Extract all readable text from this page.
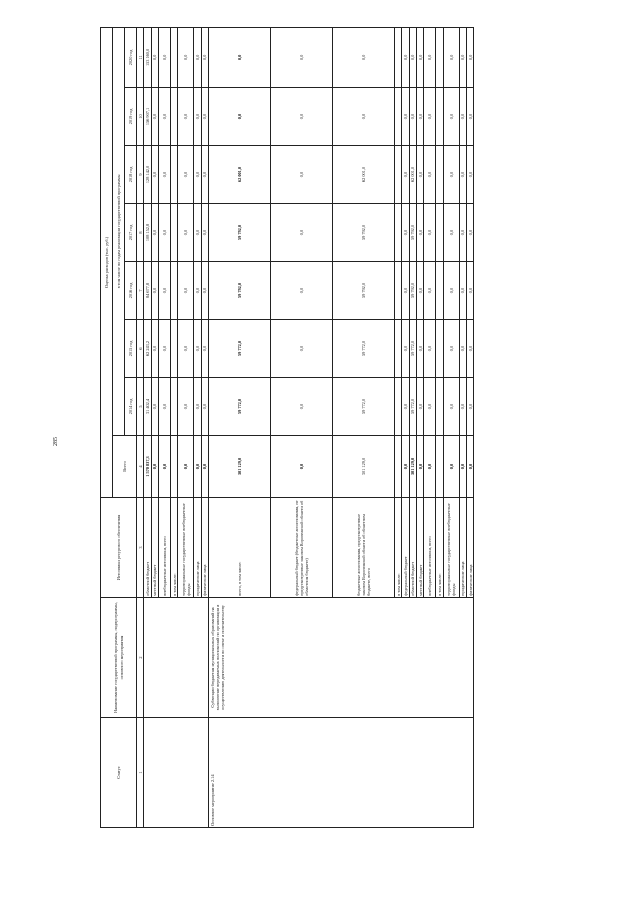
285
Статус	Наименование государственной программы, подпрограммы, основного мероприятия	Источники ресурсного обеспечения	Оценка расходов (тыс. руб.)							
			Всего	в том числе по годам реализации государственной программы						
				2014 год	2015 год	2016 год	2017 год	2018 год	2019 год	2020 год
1	2	3	4	5	6	7	8	9	10	11
		областной бюджет	1 570 837,3	31 402,4	62 243,2	84 677,8	108 152,8	128 142,0	156 907,1	153 160,0
		местный бюджет	0,0	0,0	0,0	0,0	0,0	0,0	0,0	0,0
		внебюджетные источники, всего	0,0	0,0	0,0	0,0	0,0	0,0	0,0	0,0
		в том числе:								
		территориальные государственные внебюджетные фонды	0,0	0,0	0,0	0,0	0,0	0,0	0,0	0,0
		юридические лица	0,0	0,0	0,0	0,0	0,0	0,0	0,0	0,0
		физические лица	0,0	0,0	0,0	0,0	0,0	0,0	0,0	0,0
Основное мероприятие 2.14	Субвенции бюджетам муниципальных образований на выполнение передаваемых полномочий по организации и осуществлению деятельности по опеке и попечительству	всего, в том числе:	301 129,0	59 772,0	59 772,0	59 792,0	59 792,0	62 001,0	0,0	0,0
		федеральный бюджет (бюджетные ассигнования, не предусмотренные законом Воронежской области об областном бюджете)	0,0	0,0	0,0	0,0	0,0	0,0	0,0	0,0
		бюджетные ассигнования, предусмотренные законом Воронежской области об областном бюджете, всего	301 129,0	59 772,0	59 772,0	59 792,0	59 792,0	62 001,0	0,0	0,0
		в том числе:								
		федеральный бюджет	0,0	0,0	0,0	0,0	0,0	0,0	0,0	0,0
		областной бюджет	301 129,0	59 772,0	59 772,0	59 792,0	59 792,0	62 001,0	0,0	0,0
		местный бюджет	0,0	0,0	0,0	0,0	0,0	0,0	0,0	0,0
		внебюджетные источники, всего	0,0	0,0	0,0	0,0	0,0	0,0	0,0	0,0
		в том числе:								
		территориальные государственные внебюджетные фонды	0,0	0,0	0,0	0,0	0,0	0,0	0,0	0,0
		юридические лица	0,0	0,0	0,0	0,0	0,0	0,0	0,0	0,0
		физические лица	0,0	0,0	0,0	0,0	0,0	0,0	0,0	0,0
